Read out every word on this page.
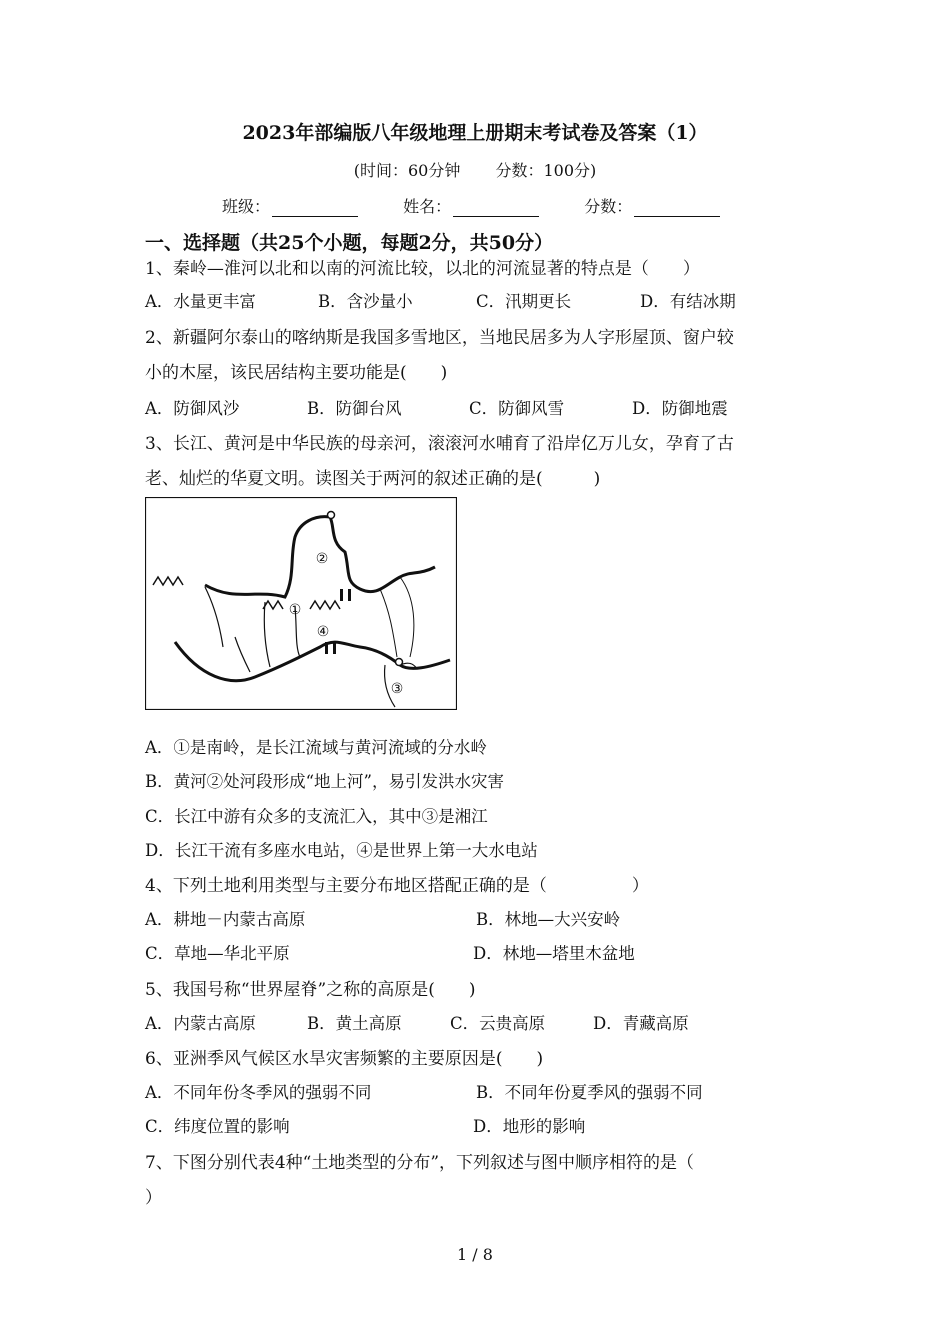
2023年部编版八年级地理上册期末考试卷及答案（1）
(时间：60分钟 分数：100分)
班级：	姓名：	分数：
一、选择题（共25个小题，每题2分，共50分）
1、秦岭—淮河以北和以南的河流比较，以北的河流显著的特点是（　　）
A．水量更丰富	B．含沙量小	C．汛期更长	D．有结冰期
2、新疆阿尔泰山的喀纳斯是我国多雪地区，当地民居多为人字形屋顶、窗户较
小的木屋，该民居结构主要功能是(　　)
A．防御风沙	B．防御台风	C．防御风雪	D．防御地震
3、长江、黄河是中华民族的母亲河，滚滚河水哺育了沿岸亿万儿女，孕育了古
老、灿烂的华夏文明。读图关于两河的叙述正确的是(　　　)
①
②
③
④
A．①是南岭，是长江流域与黄河流域的分水岭
B．黄河②处河段形成“地上河”，易引发洪水灾害
C．长江中游有众多的支流汇入，其中③是湘江
D．长江干流有多座水电站，④是世界上第一大水电站
4、下列土地利用类型与主要分布地区搭配正确的是（　　　　　）
A．耕地－内蒙古高原	B．林地—大兴安岭
C．草地—华北平原	D．林地—塔里木盆地
5、我国号称“世界屋脊”之称的高原是(　　)
A．内蒙古高原	B．黄土高原	C．云贵高原	D．青藏高原
6、亚洲季风气候区水旱灾害频繁的主要原因是(　　)
A．不同年份冬季风的强弱不同	B．不同年份夏季风的强弱不同
C．纬度位置的影响	D．地形的影响
7、下图分别代表4种“土地类型的分布”，下列叙述与图中顺序相符的是（
）
1 / 8
